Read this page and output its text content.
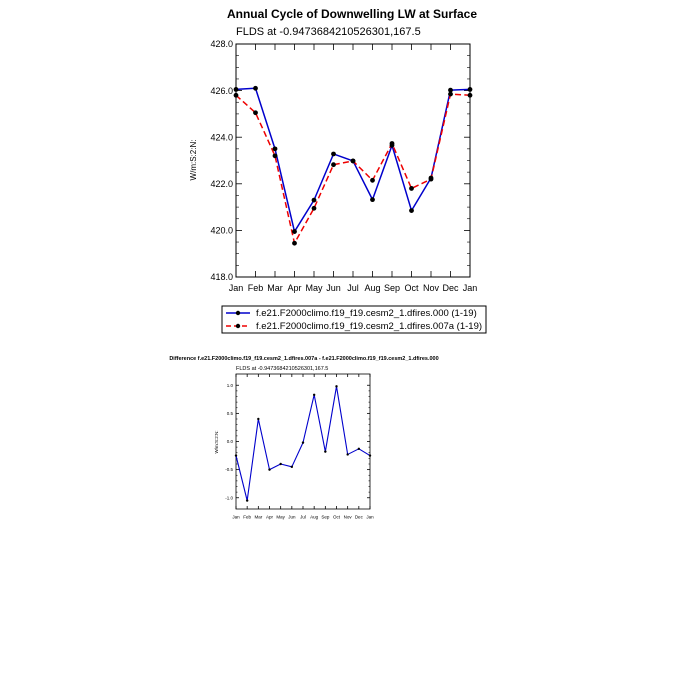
Annual Cycle of Downwelling LW at Surface
FLDS at -0.9473684210526301,167.5
W/m:S:2:N:
418.0
420.0
422.0
424.0
426.0
428.0
Jan Feb Mar Apr May Jun Jul Aug Sep Oct Nov Dec Jan
f.e21.F2000climo.f19_f19.cesm2_1.dfires.000 (1-19)
f.e21.F2000climo.f19_f19.cesm2_1.dfires.007a (1-19)
Difference f.e21.F2000climo.f19_f19.cesm2_1.dfires.007a - f.e21.F2000climo.f19_f19.cesm2_1.dfires.000
FLDS at -0.9473684210526301,167.5
W/m:S:2:N:
-1.0
-0.5
0.0
0.5
1.0
Jan Feb Mar Apr May Jun Jul Aug Sep Oct Nov Dec Jan
